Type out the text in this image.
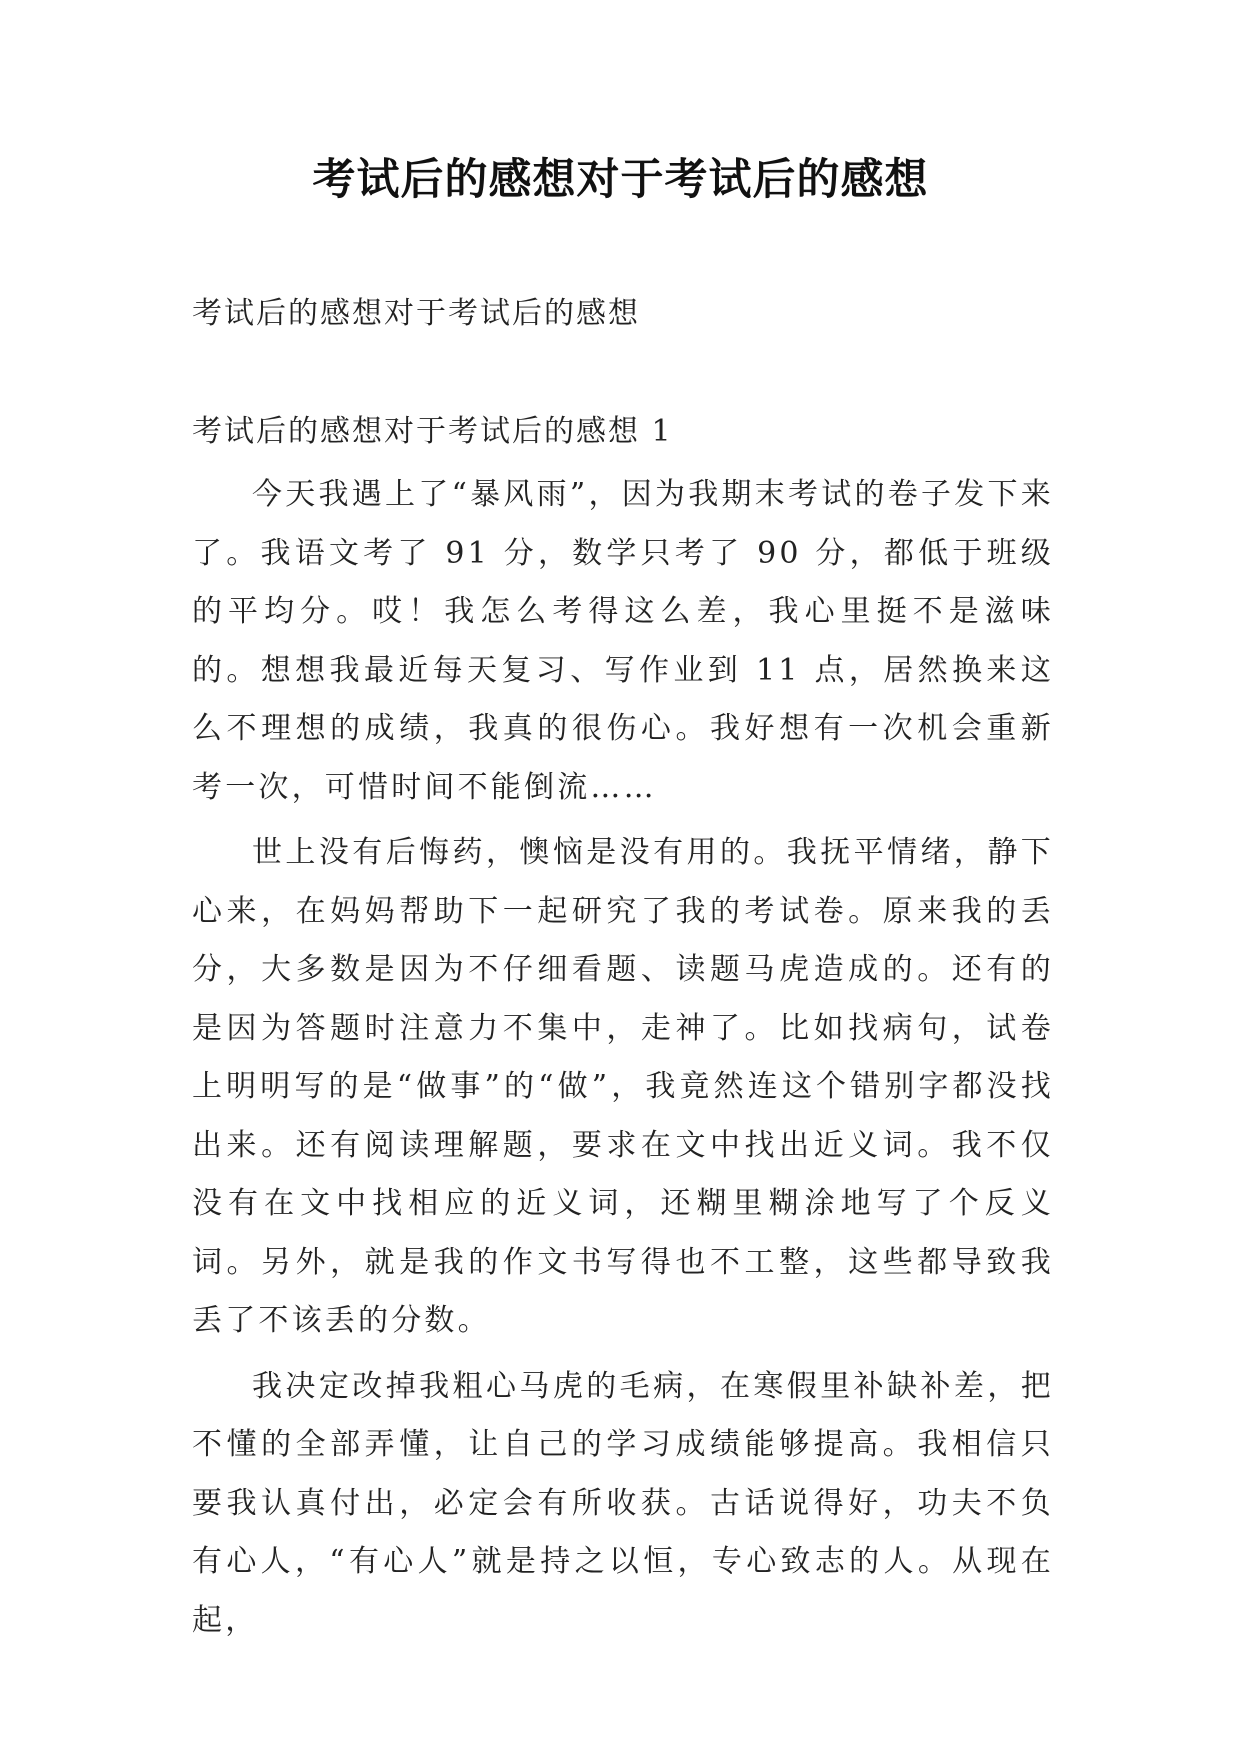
考试后的感想对于考试后的感想
考试后的感想对于考试后的感想
考试后的感想对于考试后的感想 1

今天我遇上了“暴风雨”，因为我期末考试的卷子发下来了。我语文考了 91 分，数学只考了 90 分，都低于班级的平均分。哎！我怎么考得这么差，我心里挺不是滋味的。想想我最近每天复习、写作业到 11 点，居然换来这么不理想的成绩，我真的很伤心。我好想有一次机会重新考一次，可惜时间不能倒流……

世上没有后悔药，懊恼是没有用的。我抚平情绪，静下心来，在妈妈帮助下一起研究了我的考试卷。原来我的丢分，大多数是因为不仔细看题、读题马虎造成的。还有的是因为答题时注意力不集中，走神了。比如找病句，试卷上明明写的是“做事”的“做”，我竟然连这个错别字都没找出来。还有阅读理解题，要求在文中找出近义词。我不仅没有在文中找相应的近义词，还糊里糊涂地写了个反义词。另外，就是我的作文书写得也不工整，这些都导致我丢了不该丢的分数。

我决定改掉我粗心马虎的毛病，在寒假里补缺补差，把不懂的全部弄懂，让自己的学习成绩能够提高。我相信只要我认真付出，必定会有所收获。古话说得好，功夫不负有心人，“有心人”就是持之以恒，专心致志的人。从现在起，
